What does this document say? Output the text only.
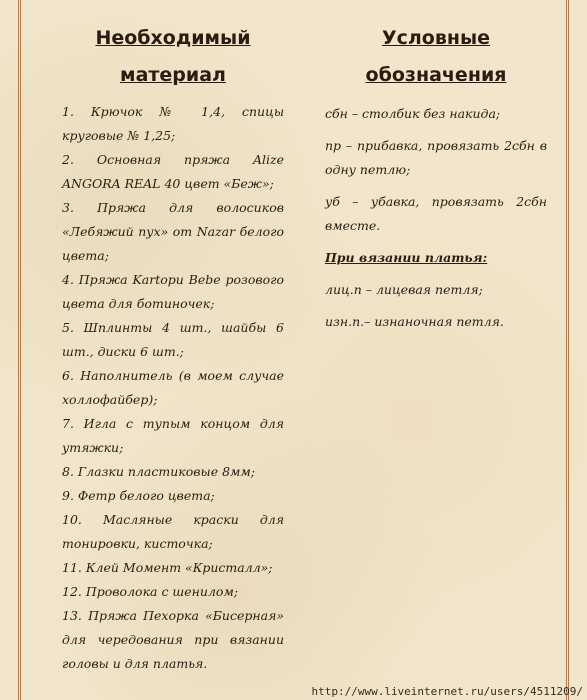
Необходимый
материал
1. Крючок № 1,4, спицы круговые № 1,25;
2. Основная пряжа Alize ANGORA REAL 40 цвет «Беж»;
3. Пряжа для волосиков «Лебяжий пух» от Nazar белого цвета;
4. Пряжа Kartopu Bebe розового цвета для ботиночек;
5. Шплинты 4 шт., шайбы 6 шт., диски 6 шт.;
6. Наполнитель (в моем случае холлофайбер);
7. Игла с тупым концом для утяжки;
8. Глазки пластиковые 8мм;
9. Фетр белого цвета;
10. Масляные краски для тонировки, кисточка;
11. Клей Момент «Кристалл»;
12. Проволока с шенилом;
13. Пряжа Пехорка «Бисерная» для чередования при вязании головы и для платья.
Условные
обозначения

сбн – столбик без накида;

пр – прибавка, провязать 2сбн в одну петлю;

уб – убавка, провязать 2сбн вместе.

При вязании платья:

лиц.п – лицевая петля;

изн.п.– изнаночная петля.

http://www.liveinternet.ru/users/4511209/
